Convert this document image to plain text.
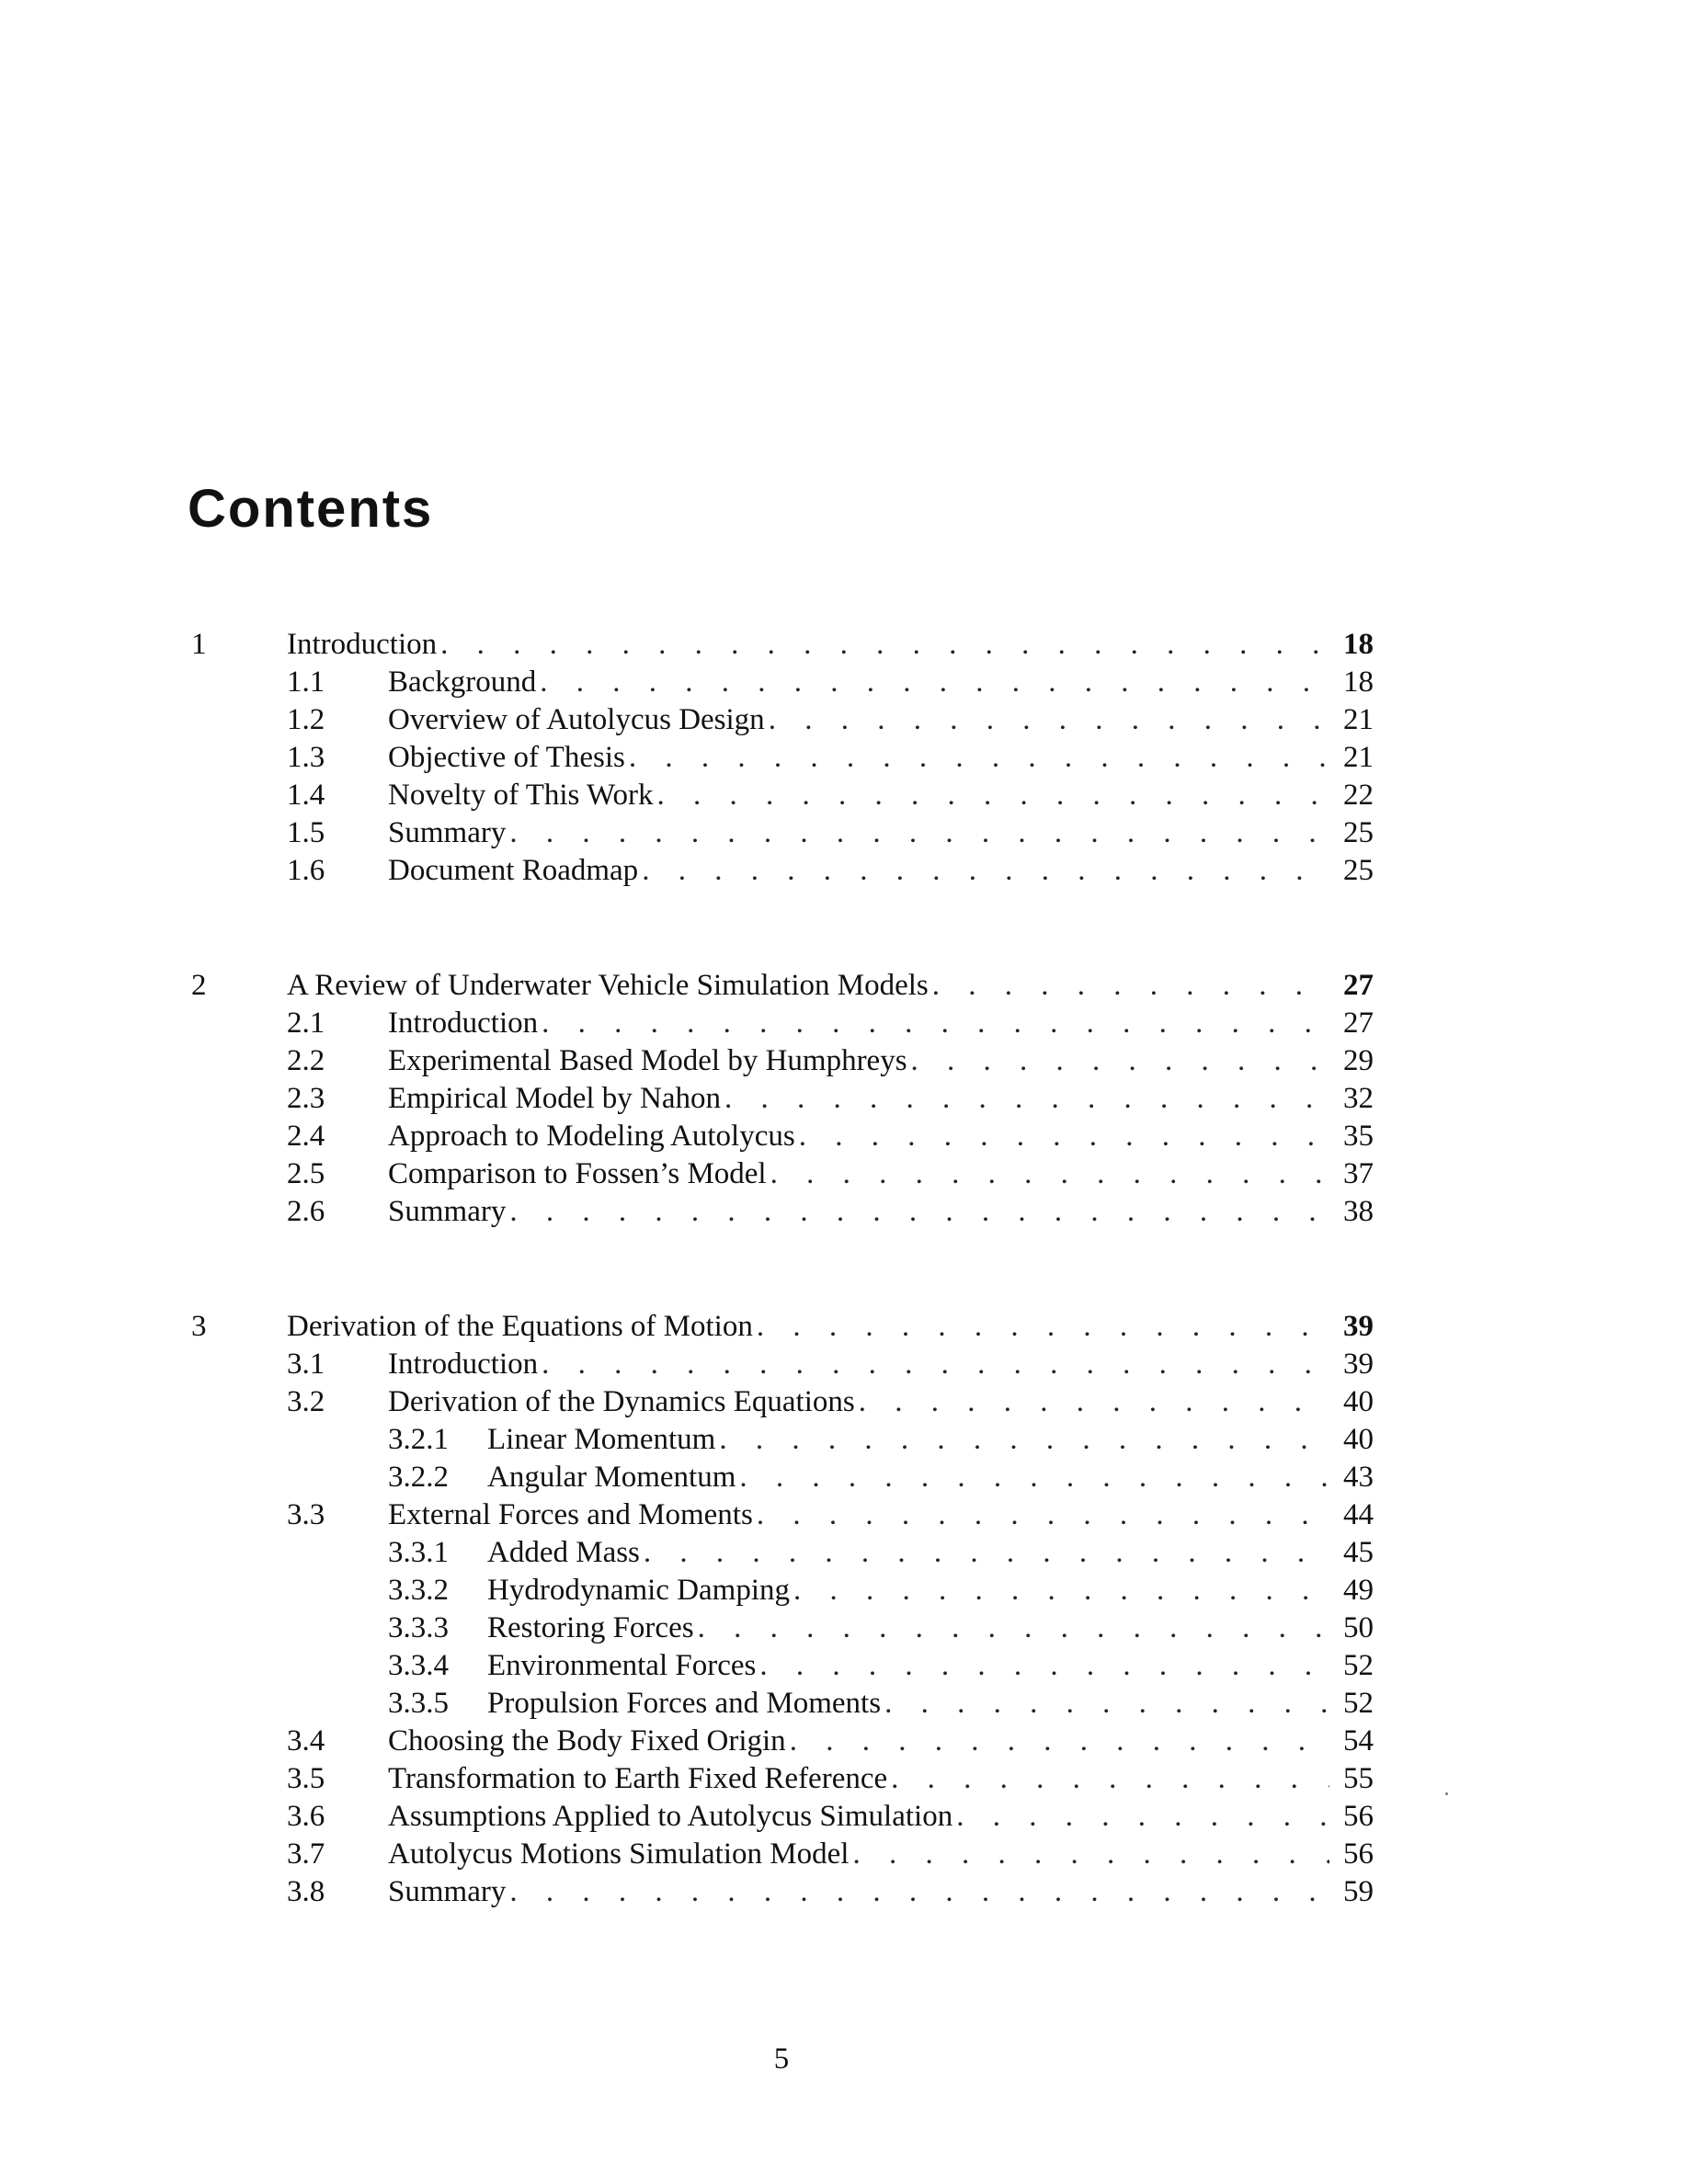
Contents
1	Introduction . . .	18
1.1 Background . . .	18
1.2 Overview of Autolycus Design . . .	21
1.3 Objective of Thesis . . .	21
1.4 Novelty of This Work . . .	22
1.5 Summary . . .	25
1.6 Document Roadmap . . .	25
2	A Review of Underwater Vehicle Simulation Models . . .	27
2.1 Introduction . . .	27
2.2 Experimental Based Model by Humphreys . . .	29
2.3 Empirical Model by Nahon . . .	32
2.4 Approach to Modeling Autolycus . . .	35
2.5 Comparison to Fossen’s Model . . .	37
2.6 Summary . . .	38
3	Derivation of the Equations of Motion . . .	39
3.1 Introduction . . .	39
3.2 Derivation of the Dynamics Equations . . .	40
3.2.1 Linear Momentum . . .	40
3.2.2 Angular Momentum . . .	43
3.3 External Forces and Moments . . .	44
3.3.1 Added Mass . . .	45
3.3.2 Hydrodynamic Damping . . .	49
3.3.3 Restoring Forces . . .	50
3.3.4 Environmental Forces . . .	52
3.3.5 Propulsion Forces and Moments . . .	52
3.4 Choosing the Body Fixed Origin . . .	54
3.5 Transformation to Earth Fixed Reference . . .	55
3.6 Assumptions Applied to Autolycus Simulation . . .	56
3.7 Autolycus Motions Simulation Model . . .	56
3.8 Summary . . .	59
5
